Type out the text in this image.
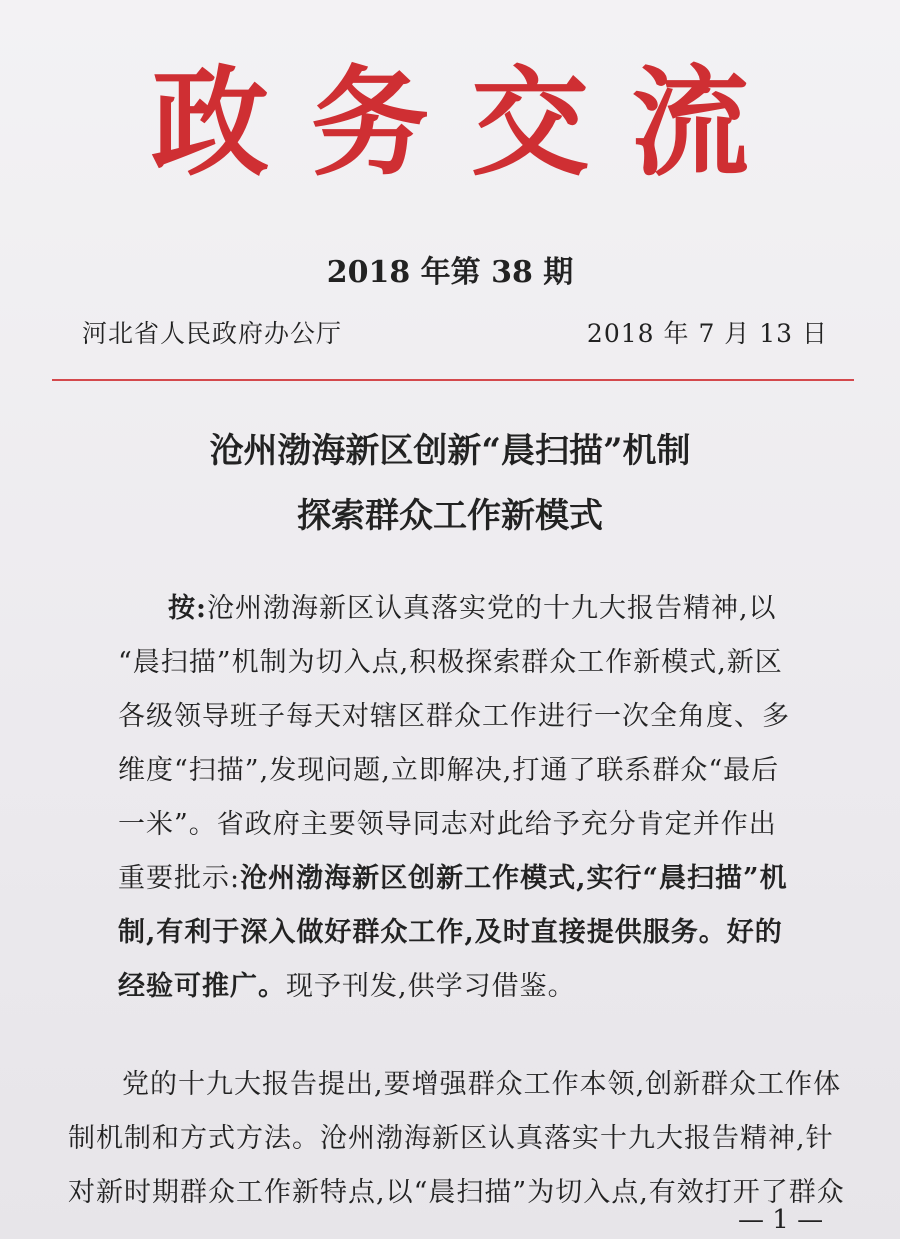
政务交流
2018 年第 38 期
河北省人民政府办公厅	2018 年 7 月 13 日
沧州渤海新区创新“晨扫描”机制
探索群众工作新模式
按:沧州渤海新区认真落实党的十九大报告精神,以
“晨扫描”机制为切入点,积极探索群众工作新模式,新区
各级领导班子每天对辖区群众工作进行一次全角度、多
维度“扫描”,发现问题,立即解决,打通了联系群众“最后
一米”。省政府主要领导同志对此给予充分肯定并作出
重要批示:沧州渤海新区创新工作模式,实行“晨扫描”机
制,有利于深入做好群众工作,及时直接提供服务。好的
经验可推广。现予刊发,供学习借鉴。
党的十九大报告提出,要增强群众工作本领,创新群众工作体
制机制和方式方法。沧州渤海新区认真落实十九大报告精神,针
对新时期群众工作新特点,以“晨扫描”为切入点,有效打开了群众
— 1 —
